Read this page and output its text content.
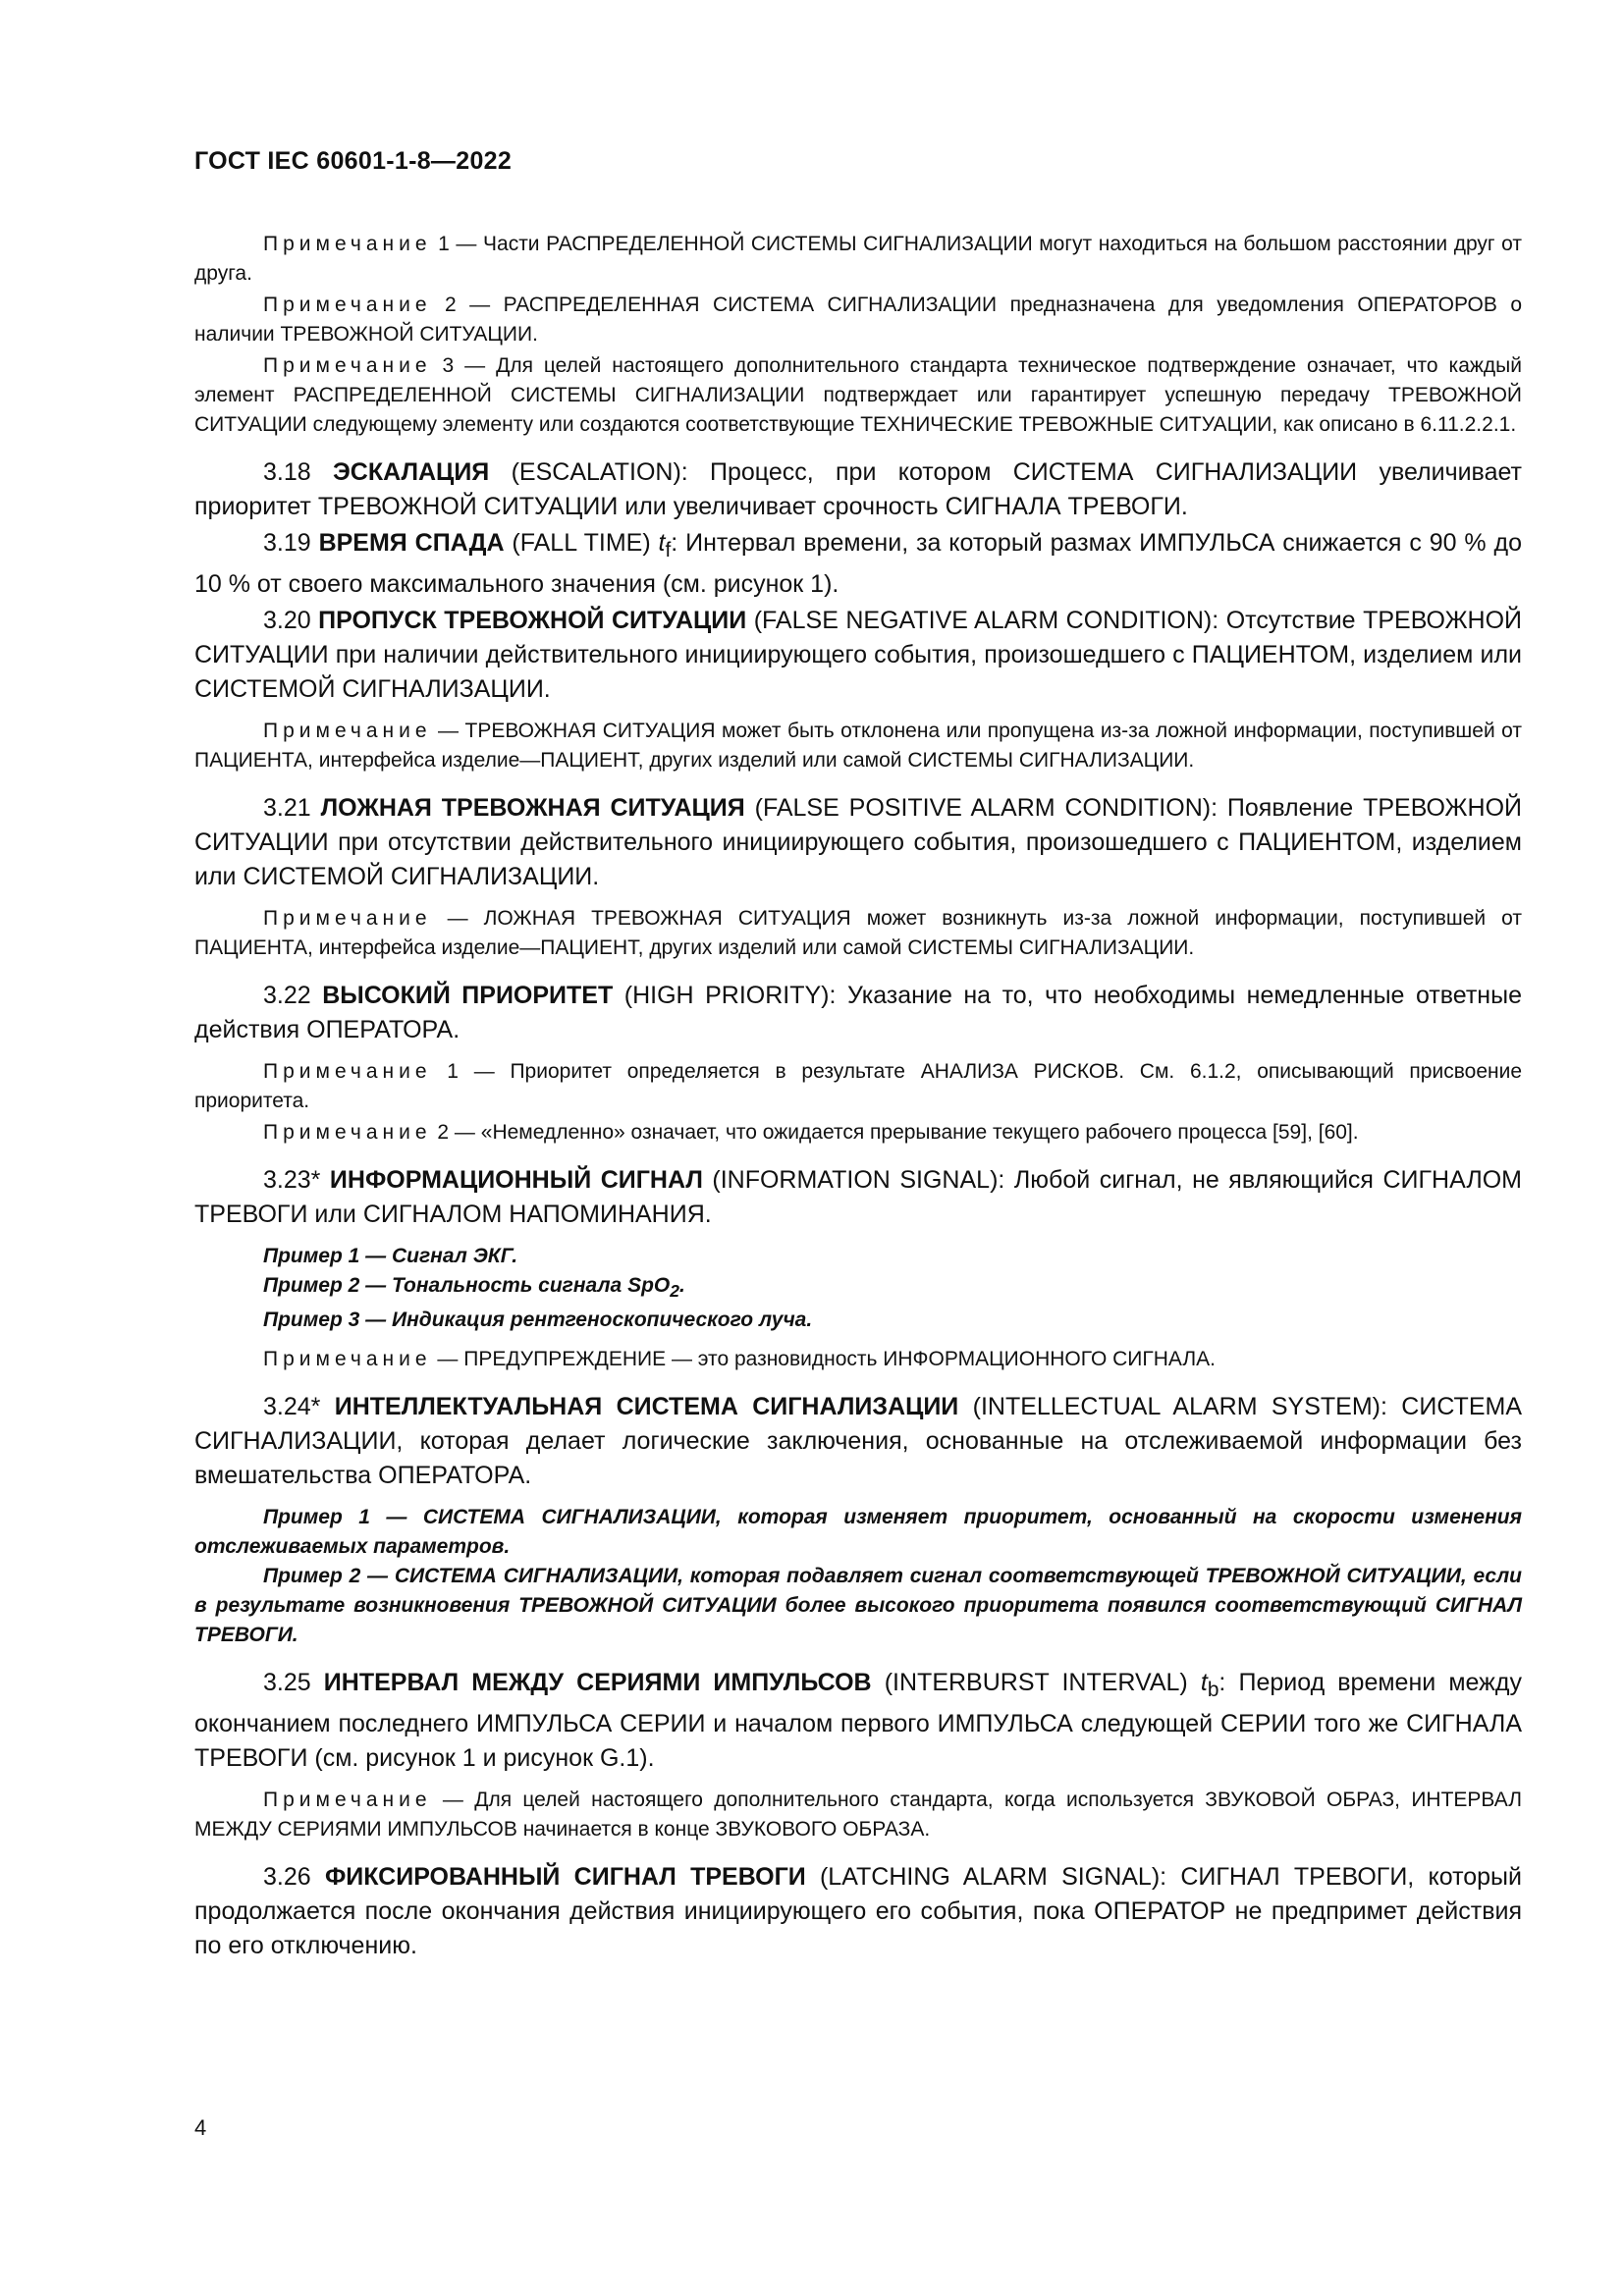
ГОСТ IEC 60601-1-8—2022

Примечание 1 — Части РАСПРЕДЕЛЕННОЙ СИСТЕМЫ СИГНАЛИЗАЦИИ могут находиться на большом расстоянии друг от друга.

Примечание 2 — РАСПРЕДЕЛЕННАЯ СИСТЕМА СИГНАЛИЗАЦИИ предназначена для уведомления ОПЕРАТОРОВ о наличии ТРЕВОЖНОЙ СИТУАЦИИ.

Примечание 3 — Для целей настоящего дополнительного стандарта техническое подтверждение означает, что каждый элемент РАСПРЕДЕЛЕННОЙ СИСТЕМЫ СИГНАЛИЗАЦИИ подтверждает или гарантирует успешную передачу ТРЕВОЖНОЙ СИТУАЦИИ следующему элементу или создаются соответствующие ТЕХНИЧЕСКИЕ ТРЕВОЖНЫЕ СИТУАЦИИ, как описано в 6.11.2.2.1.

3.18 ЭСКАЛАЦИЯ (ESCALATION): Процесс, при котором СИСТЕМА СИГНАЛИЗАЦИИ увеличивает приоритет ТРЕВОЖНОЙ СИТУАЦИИ или увеличивает срочность СИГНАЛА ТРЕВОГИ.

3.19 ВРЕМЯ СПАДА (FALL TIME) $t_f$: Интервал времени, за который размах ИМПУЛЬСА снижается с 90 % до 10 % от своего максимального значения (см. рисунок 1).

3.20 ПРОПУСК ТРЕВОЖНОЙ СИТУАЦИИ (FALSE NEGATIVE ALARM CONDITION): Отсутствие ТРЕВОЖНОЙ СИТУАЦИИ при наличии действительного инициирующего события, произошедшего с ПАЦИЕНТОМ, изделием или СИСТЕМОЙ СИГНАЛИЗАЦИИ.

Примечание — ТРЕВОЖНАЯ СИТУАЦИЯ может быть отклонена или пропущена из-за ложной информации, поступившей от ПАЦИЕНТА, интерфейса изделие—ПАЦИЕНТ, других изделий или самой СИСТЕМЫ СИГНАЛИЗАЦИИ.

3.21 ЛОЖНАЯ ТРЕВОЖНАЯ СИТУАЦИЯ (FALSE POSITIVE ALARM CONDITION): Появление ТРЕВОЖНОЙ СИТУАЦИИ при отсутствии действительного инициирующего события, произошедшего с ПАЦИЕНТОМ, изделием или СИСТЕМОЙ СИГНАЛИЗАЦИИ.

Примечание — ЛОЖНАЯ ТРЕВОЖНАЯ СИТУАЦИЯ может возникнуть из-за ложной информации, поступившей от ПАЦИЕНТА, интерфейса изделие—ПАЦИЕНТ, других изделий или самой СИСТЕМЫ СИГНАЛИЗАЦИИ.

3.22 ВЫСОКИЙ ПРИОРИТЕТ (HIGH PRIORITY): Указание на то, что необходимы немедленные ответные действия ОПЕРАТОРА.

Примечание 1 — Приоритет определяется в результате АНАЛИЗА РИСКОВ. См. 6.1.2, описывающий присвоение приоритета.

Примечание 2 — «Немедленно» означает, что ожидается прерывание текущего рабочего процесса [59], [60].

3.23* ИНФОРМАЦИОННЫЙ СИГНАЛ (INFORMATION SIGNAL): Любой сигнал, не являющийся СИГНАЛОМ ТРЕВОГИ или СИГНАЛОМ НАПОМИНАНИЯ.

Пример 1 — Сигнал ЭКГ.

Пример 2 — Тональность сигнала SpO$_2$.

Пример 3 — Индикация рентгеноскопического луча.

Примечание — ПРЕДУПРЕЖДЕНИЕ — это разновидность ИНФОРМАЦИОННОГО СИГНАЛА.

3.24* ИНТЕЛЛЕКТУАЛЬНАЯ СИСТЕМА СИГНАЛИЗАЦИИ (INTELLECTUAL ALARM SYSTEM): СИСТЕМА СИГНАЛИЗАЦИИ, которая делает логические заключения, основанные на отслеживаемой информации без вмешательства ОПЕРАТОРА.

Пример 1 — СИСТЕМА СИГНАЛИЗАЦИИ, которая изменяет приоритет, основанный на скорости изменения отслеживаемых параметров.

Пример 2 — СИСТЕМА СИГНАЛИЗАЦИИ, которая подавляет сигнал соответствующей ТРЕВОЖНОЙ СИТУАЦИИ, если в результате возникновения ТРЕВОЖНОЙ СИТУАЦИИ более высокого приоритета появился соответствующий СИГНАЛ ТРЕВОГИ.

3.25 ИНТЕРВАЛ МЕЖДУ СЕРИЯМИ ИМПУЛЬСОВ (INTERBURST INTERVAL) $t_b$: Период времени между окончанием последнего ИМПУЛЬСА СЕРИИ и началом первого ИМПУЛЬСА следующей СЕРИИ того же СИГНАЛА ТРЕВОГИ (см. рисунок 1 и рисунок G.1).

Примечание — Для целей настоящего дополнительного стандарта, когда используется ЗВУКОВОЙ ОБРАЗ, ИНТЕРВАЛ МЕЖДУ СЕРИЯМИ ИМПУЛЬСОВ начинается в конце ЗВУКОВОГО ОБРАЗА.

3.26 ФИКСИРОВАННЫЙ СИГНАЛ ТРЕВОГИ (LATCHING ALARM SIGNAL): СИГНАЛ ТРЕВОГИ, который продолжается после окончания действия инициирующего его события, пока ОПЕРАТОР не предпримет действия по его отключению.

4
